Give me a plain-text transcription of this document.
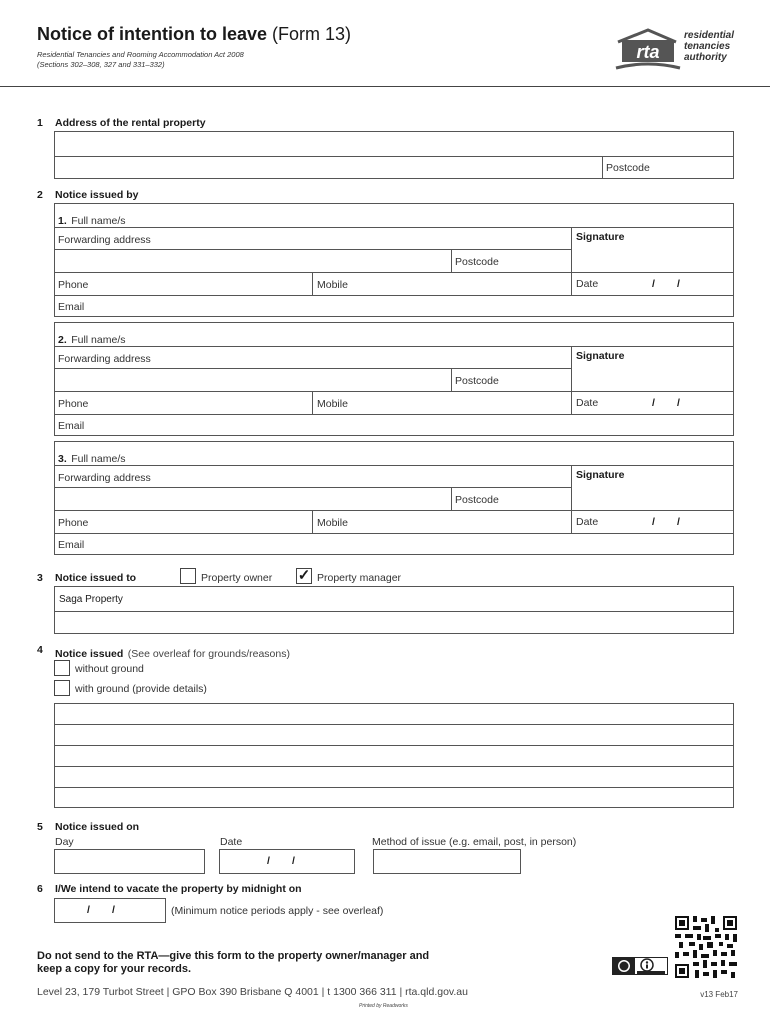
Notice of intention to leave (Form 13)
Residential Tenancies and Rooming Accommodation Act 2008
(Sections 302–308, 327 and 331–332)
rta
residential
tenancies
authority
1 Address of the rental property
Postcode
2 Notice issued by
1. Full name/s
Forwarding address
Postcode
Phone	Mobile
Signature
Date	/ /
Email
2. Full name/s
Forwarding address
Postcode
Phone	Mobile
Signature
Date	/ /
Email
3. Full name/s
Forwarding address
Postcode
Phone	Mobile
Signature
Date	/ /
Email
3 Notice issued to	Property owner ✓ Property manager
Saga Property
4 Notice issued (See overleaf for grounds/reasons)
without ground
with ground (provide details)
5 Notice issued on
Day	Date	Method of issue (e.g. email, post, in person)
/ /
6 I/We intend to vacate the property by midnight on
/ /	(Minimum notice periods apply - see overleaf)
Do not send to the RTA—give this form to the property owner/manager and
keep a copy for your records.
Level 23, 179 Turbot Street | GPO Box 390 Brisbane Q 4001 | t 1300 366 311 | rta.qld.gov.au	v13 Feb17
Printed by Readworks
